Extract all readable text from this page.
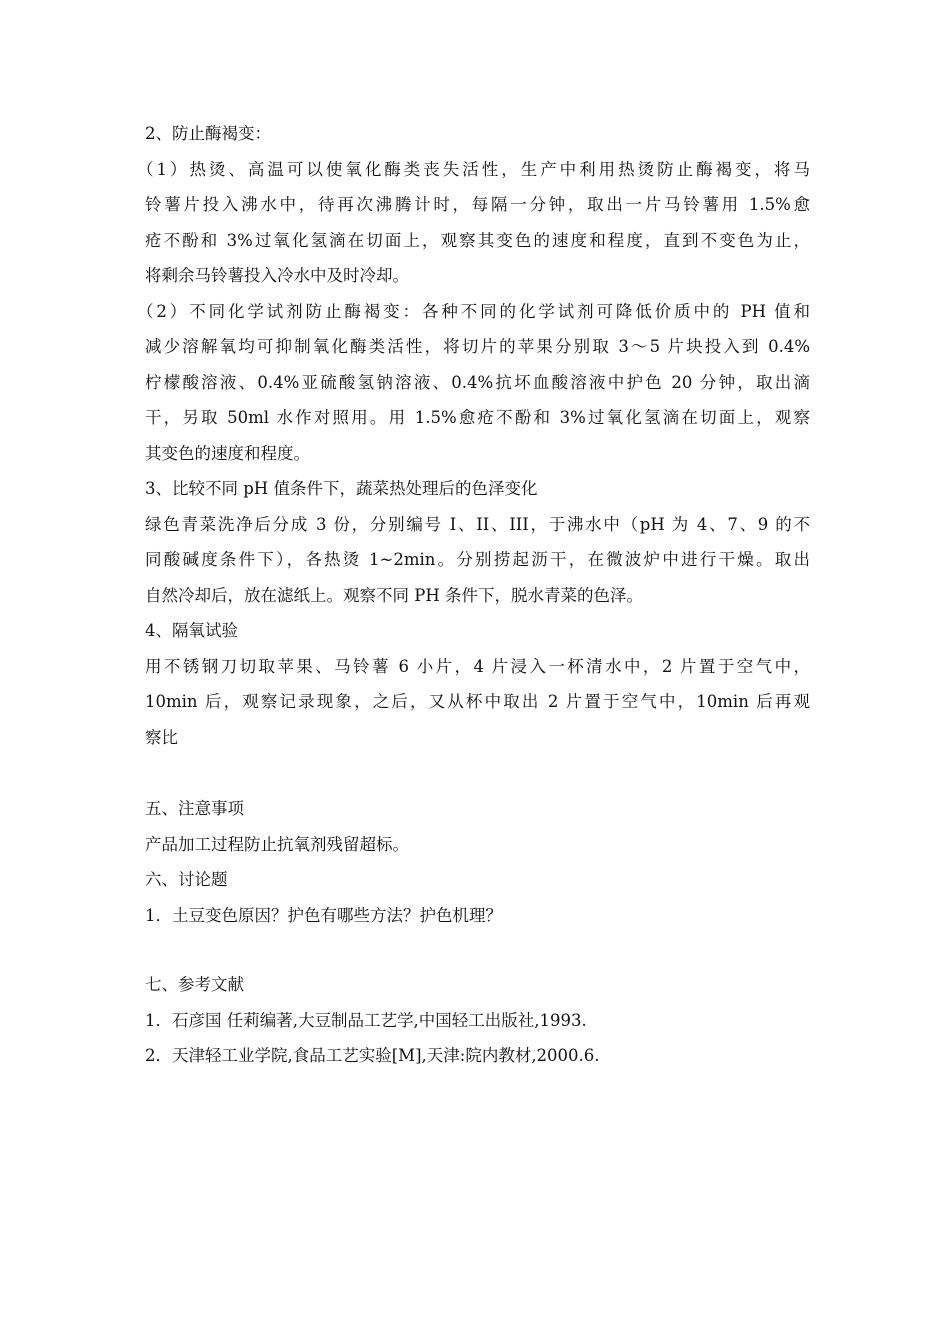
2、防止酶褐变：
（1）热烫、高温可以使氧化酶类丧失活性，生产中利用热烫防止酶褐变，将马
铃薯片投入沸水中，待再次沸腾计时，每隔一分钟，取出一片马铃薯用 1.5%愈
疮不酚和 3%过氧化氢滴在切面上，观察其变色的速度和程度，直到不变色为止，
将剩余马铃薯投入冷水中及时冷却。
（2）不同化学试剂防止酶褐变：各种不同的化学试剂可降低价质中的 PH 值和
减少溶解氧均可抑制氧化酶类活性，将切片的苹果分别取 3～5 片块投入到 0.4%
柠檬酸溶液、0.4%亚硫酸氢钠溶液、0.4%抗坏血酸溶液中护色 20 分钟，取出滴
干，另取 50ml 水作对照用。用 1.5%愈疮不酚和 3%过氧化氢滴在切面上，观察
其变色的速度和程度。
3、比较不同 pH 值条件下，蔬菜热处理后的色泽变化
绿色青菜洗净后分成 3 份，分别编号 I、II、III，于沸水中（pH 为 4、7、9 的不
同酸碱度条件下），各热烫 1~2min。分别捞起沥干，在微波炉中进行干燥。取出
自然冷却后，放在滤纸上。观察不同 PH 条件下，脱水青菜的色泽。
4、隔氧试验
用不锈钢刀切取苹果、马铃薯 6 小片，4 片浸入一杯清水中，2 片置于空气中，
10min 后，观察记录现象，之后，又从杯中取出 2 片置于空气中，10min 后再观
察比
五、注意事项
产品加工过程防止抗氧剂残留超标。
六、讨论题
1．土豆变色原因？护色有哪些方法？护色机理？
七、参考文献
1．石彦国 任莉编著,大豆制品工艺学,中国轻工出版社,1993.
2．天津轻工业学院,食品工艺实验[M],天津:院内教材,2000.6.
